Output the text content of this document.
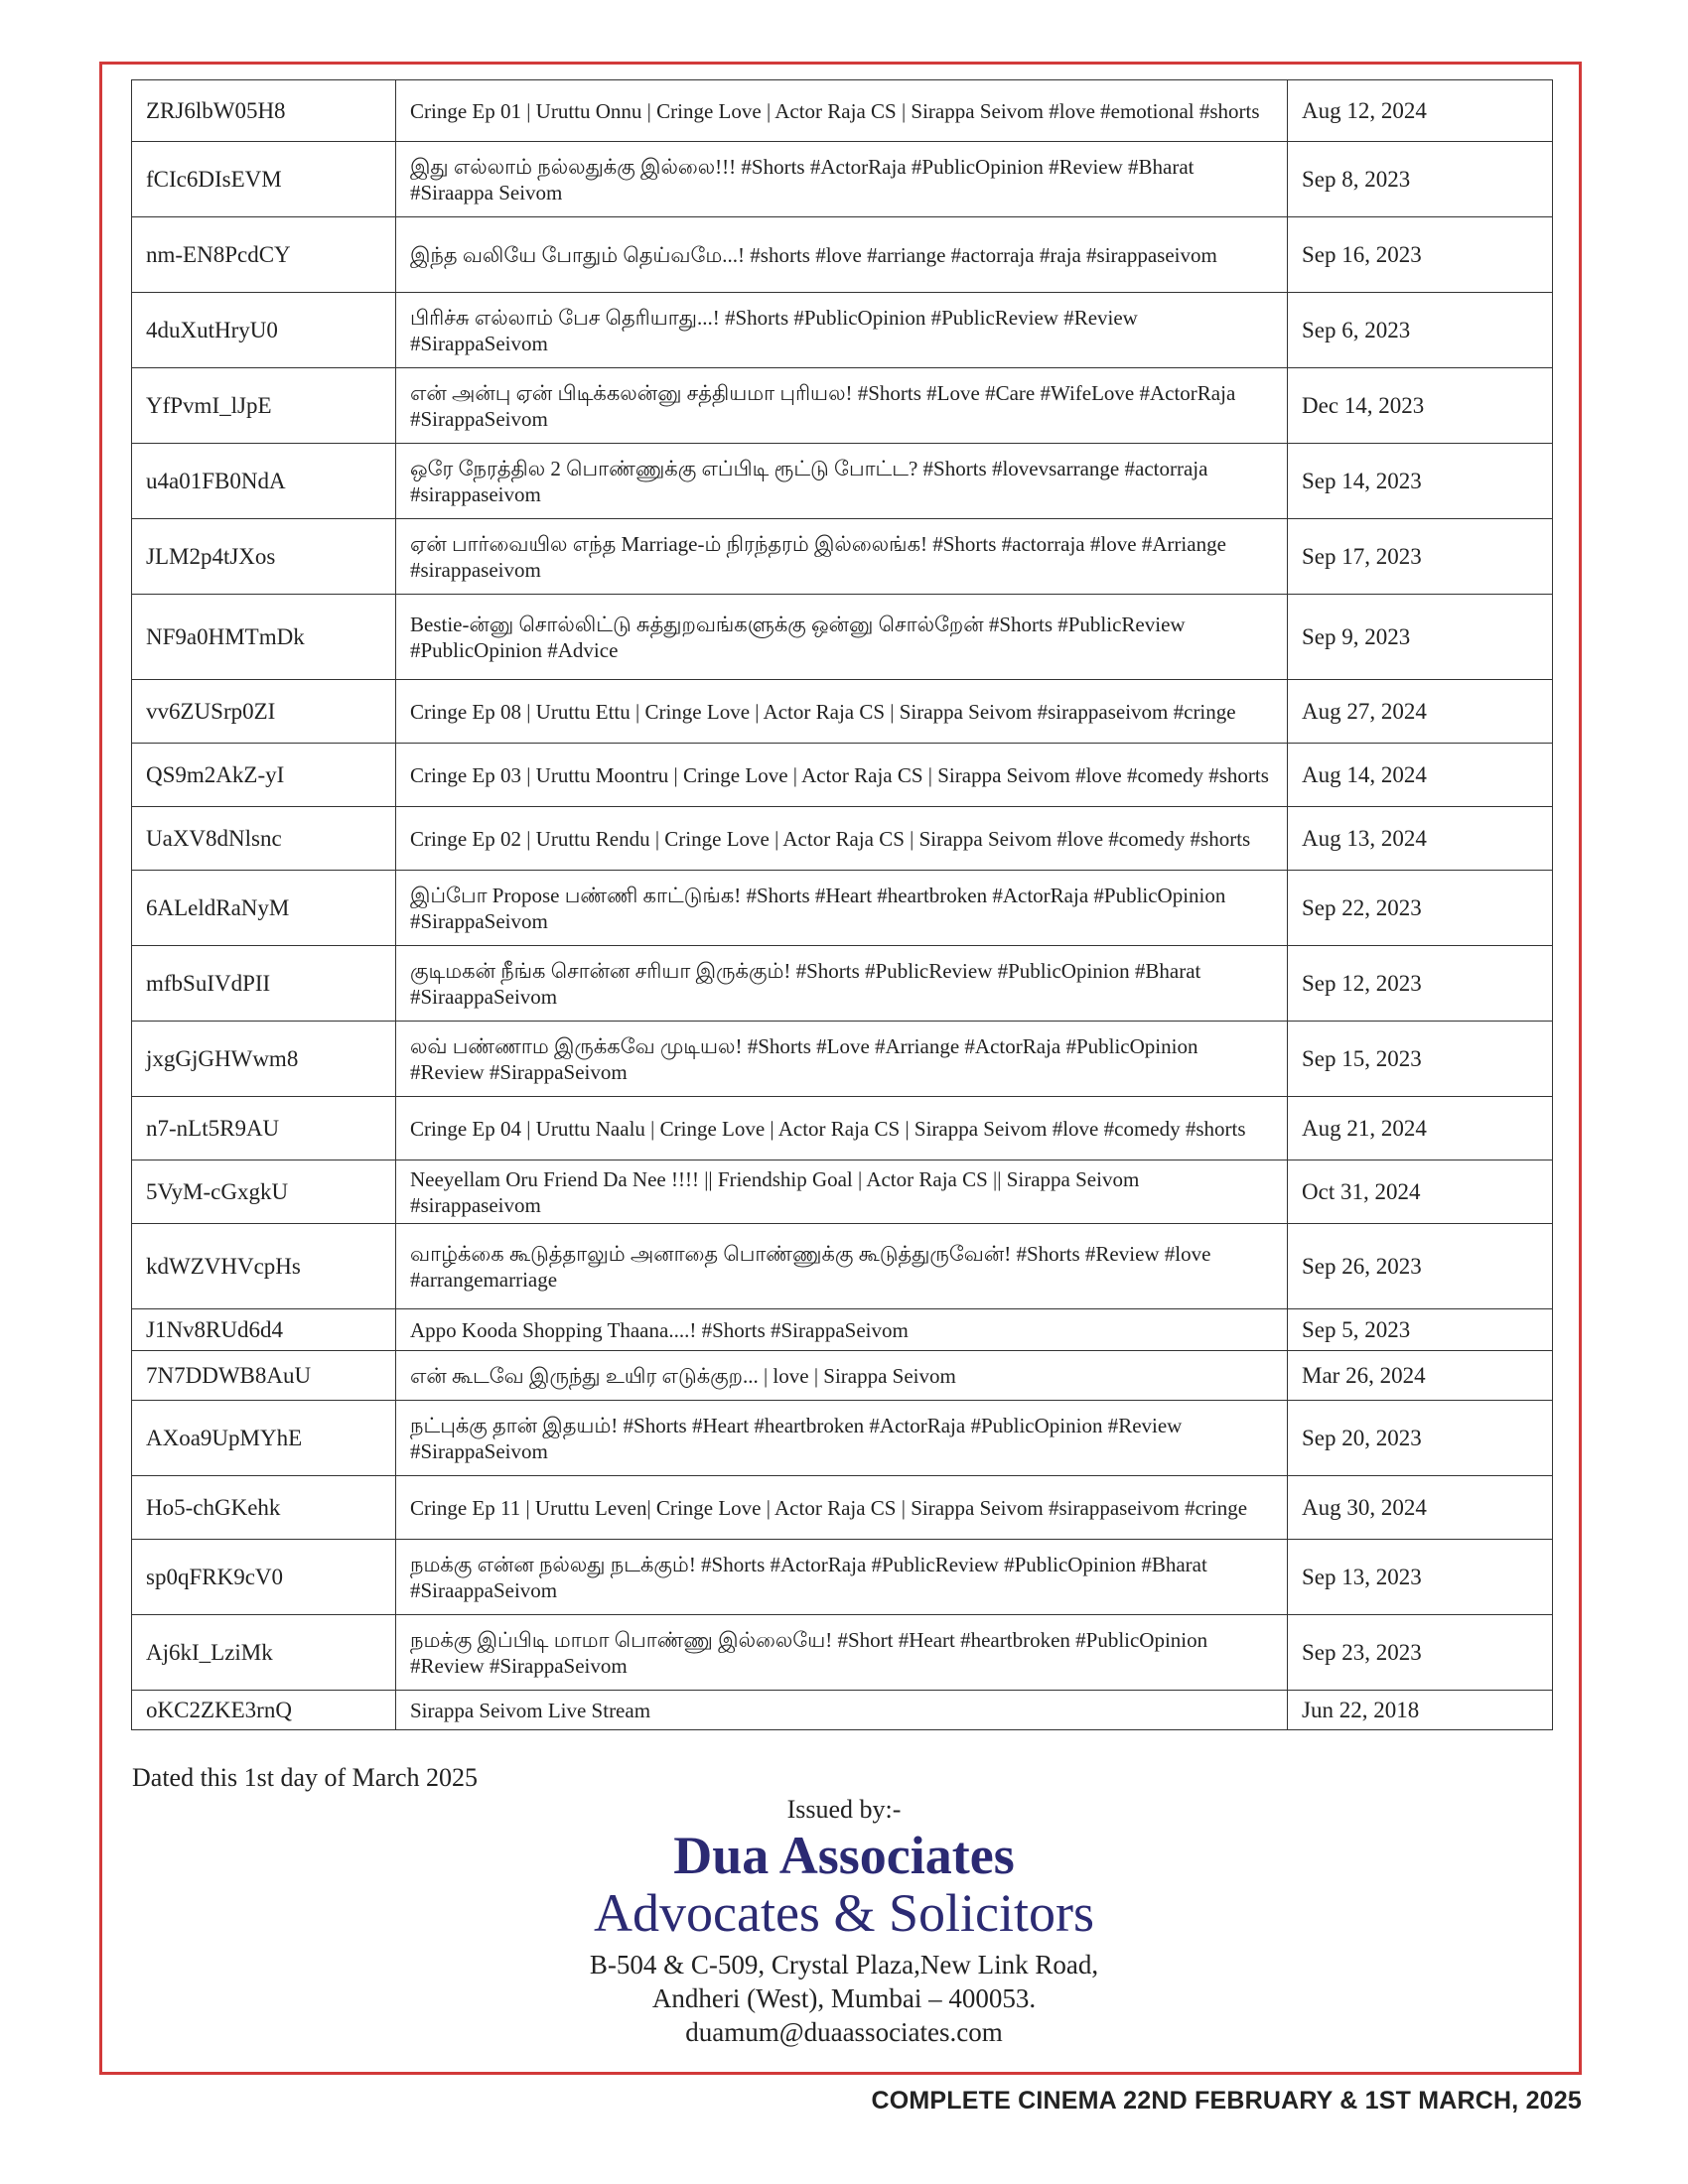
ZRJ6lbW05H8	Cringe Ep 01 | Uruttu Onnu | Cringe Love | Actor Raja CS | Sirappa Seivom #love #emotional #shorts	Aug 12, 2024
fCIc6DIsEVM	இது எல்லாம் நல்லதுக்கு இல்லை!!! #Shorts #ActorRaja #PublicOpinion #Review #Bharat #Siraappa Seivom	Sep 8, 2023
nm-EN8PcdCY	இந்த வலியே போதும் தெய்வமே...! #shorts #love #arriange #actorraja #raja #sirappaseivom	Sep 16, 2023
4duXutHryU0	பிரிச்சு எல்லாம் பேச தெரியாது...! #Shorts #PublicOpinion #PublicReview #Review #SirappaSeivom	Sep 6, 2023
YfPvmI_lJpE	என் அன்பு ஏன் பிடிக்கலன்னு சத்தியமா புரியல! #Shorts #Love #Care #WifeLove #ActorRaja #SirappaSeivom	Dec 14, 2023
u4a01FB0NdA	ஒரே நேரத்தில 2 பொண்ணுக்கு எப்பிடி ரூட்டு போட்ட? #Shorts #lovevsarrange #actorraja #sirappaseivom	Sep 14, 2023
JLM2p4tJXos	ஏன் பார்வையில எந்த Marriage-ம் நிரந்தரம் இல்லைங்க! #Shorts #actorraja #love #Arriange #sirappaseivom	Sep 17, 2023
NF9a0HMTmDk	Bestie-ன்னு சொல்லிட்டு சுத்துறவங்களுக்கு ஒன்னு சொல்றேன் #Shorts #PublicReview #PublicOpinion #Advice	Sep 9, 2023
vv6ZUSrp0ZI	Cringe Ep 08 | Uruttu Ettu | Cringe Love | Actor Raja CS | Sirappa Seivom #sirappaseivom #cringe	Aug 27, 2024
QS9m2AkZ-yI	Cringe Ep 03 | Uruttu Moontru | Cringe Love | Actor Raja CS | Sirappa Seivom #love #comedy #shorts	Aug 14, 2024
UaXV8dNlsnc	Cringe Ep 02 | Uruttu Rendu | Cringe Love | Actor Raja CS | Sirappa Seivom #love #comedy #shorts	Aug 13, 2024
6ALeldRaNyM	இப்போ Propose பண்ணி காட்டுங்க! #Shorts #Heart #heartbroken #ActorRaja #PublicOpinion #SirappaSeivom	Sep 22, 2023
mfbSuIVdPII	குடிமகன் நீங்க சொன்ன சரியா இருக்கும்! #Shorts #PublicReview #PublicOpinion #Bharat #SiraappaSeivom	Sep 12, 2023
jxgGjGHWwm8	லவ் பண்ணாம இருக்கவே முடியல! #Shorts #Love #Arriange #ActorRaja #PublicOpinion #Review #SirappaSeivom	Sep 15, 2023
n7-nLt5R9AU	Cringe Ep 04 | Uruttu Naalu | Cringe Love | Actor Raja CS | Sirappa Seivom #love #comedy #shorts	Aug 21, 2024
5VyM-cGxgkU	Neeyellam Oru Friend Da Nee !!!! || Friendship Goal | Actor Raja CS || Sirappa Seivom #sirappaseivom	Oct 31, 2024
kdWZVHVcpHs	வாழ்க்கை கூடுத்தாலும் அனாதை பொண்ணுக்கு கூடுத்துருவேன்! #Shorts #Review #love #arrangemarriage	Sep 26, 2023
J1Nv8RUd6d4	Appo Kooda Shopping Thaana....! #Shorts #SirappaSeivom	Sep 5, 2023
7N7DDWB8AuU	என் கூடவே இருந்து உயிர எடுக்குற... | love | Sirappa Seivom	Mar 26, 2024
AXoa9UpMYhE	நட்புக்கு தான் இதயம்! #Shorts #Heart #heartbroken #ActorRaja #PublicOpinion #Review #SirappaSeivom	Sep 20, 2023
Ho5-chGKehk	Cringe Ep 11 | Uruttu Leven| Cringe Love | Actor Raja CS | Sirappa Seivom #sirappaseivom #cringe	Aug 30, 2024
sp0qFRK9cV0	நமக்கு என்ன நல்லது நடக்கும்! #Shorts #ActorRaja #PublicReview #PublicOpinion #Bharat #SiraappaSeivom	Sep 13, 2023
Aj6kI_LziMk	நமக்கு இப்பிடி மாமா பொண்ணு இல்லையே! #Short #Heart #heartbroken #PublicOpinion #Review #SirappaSeivom	Sep 23, 2023
oKC2ZKE3rnQ	Sirappa Seivom Live Stream	Jun 22, 2018
Dated this 1st day of March 2025
Issued by:-
Dua Associates
Advocates & Solicitors
B-504 & C-509, Crystal Plaza,New Link Road,
Andheri (West), Mumbai – 400053.
duamum@duaassociates.com
COMPLETE CINEMA 22ND FEBRUARY & 1ST MARCH, 2025
